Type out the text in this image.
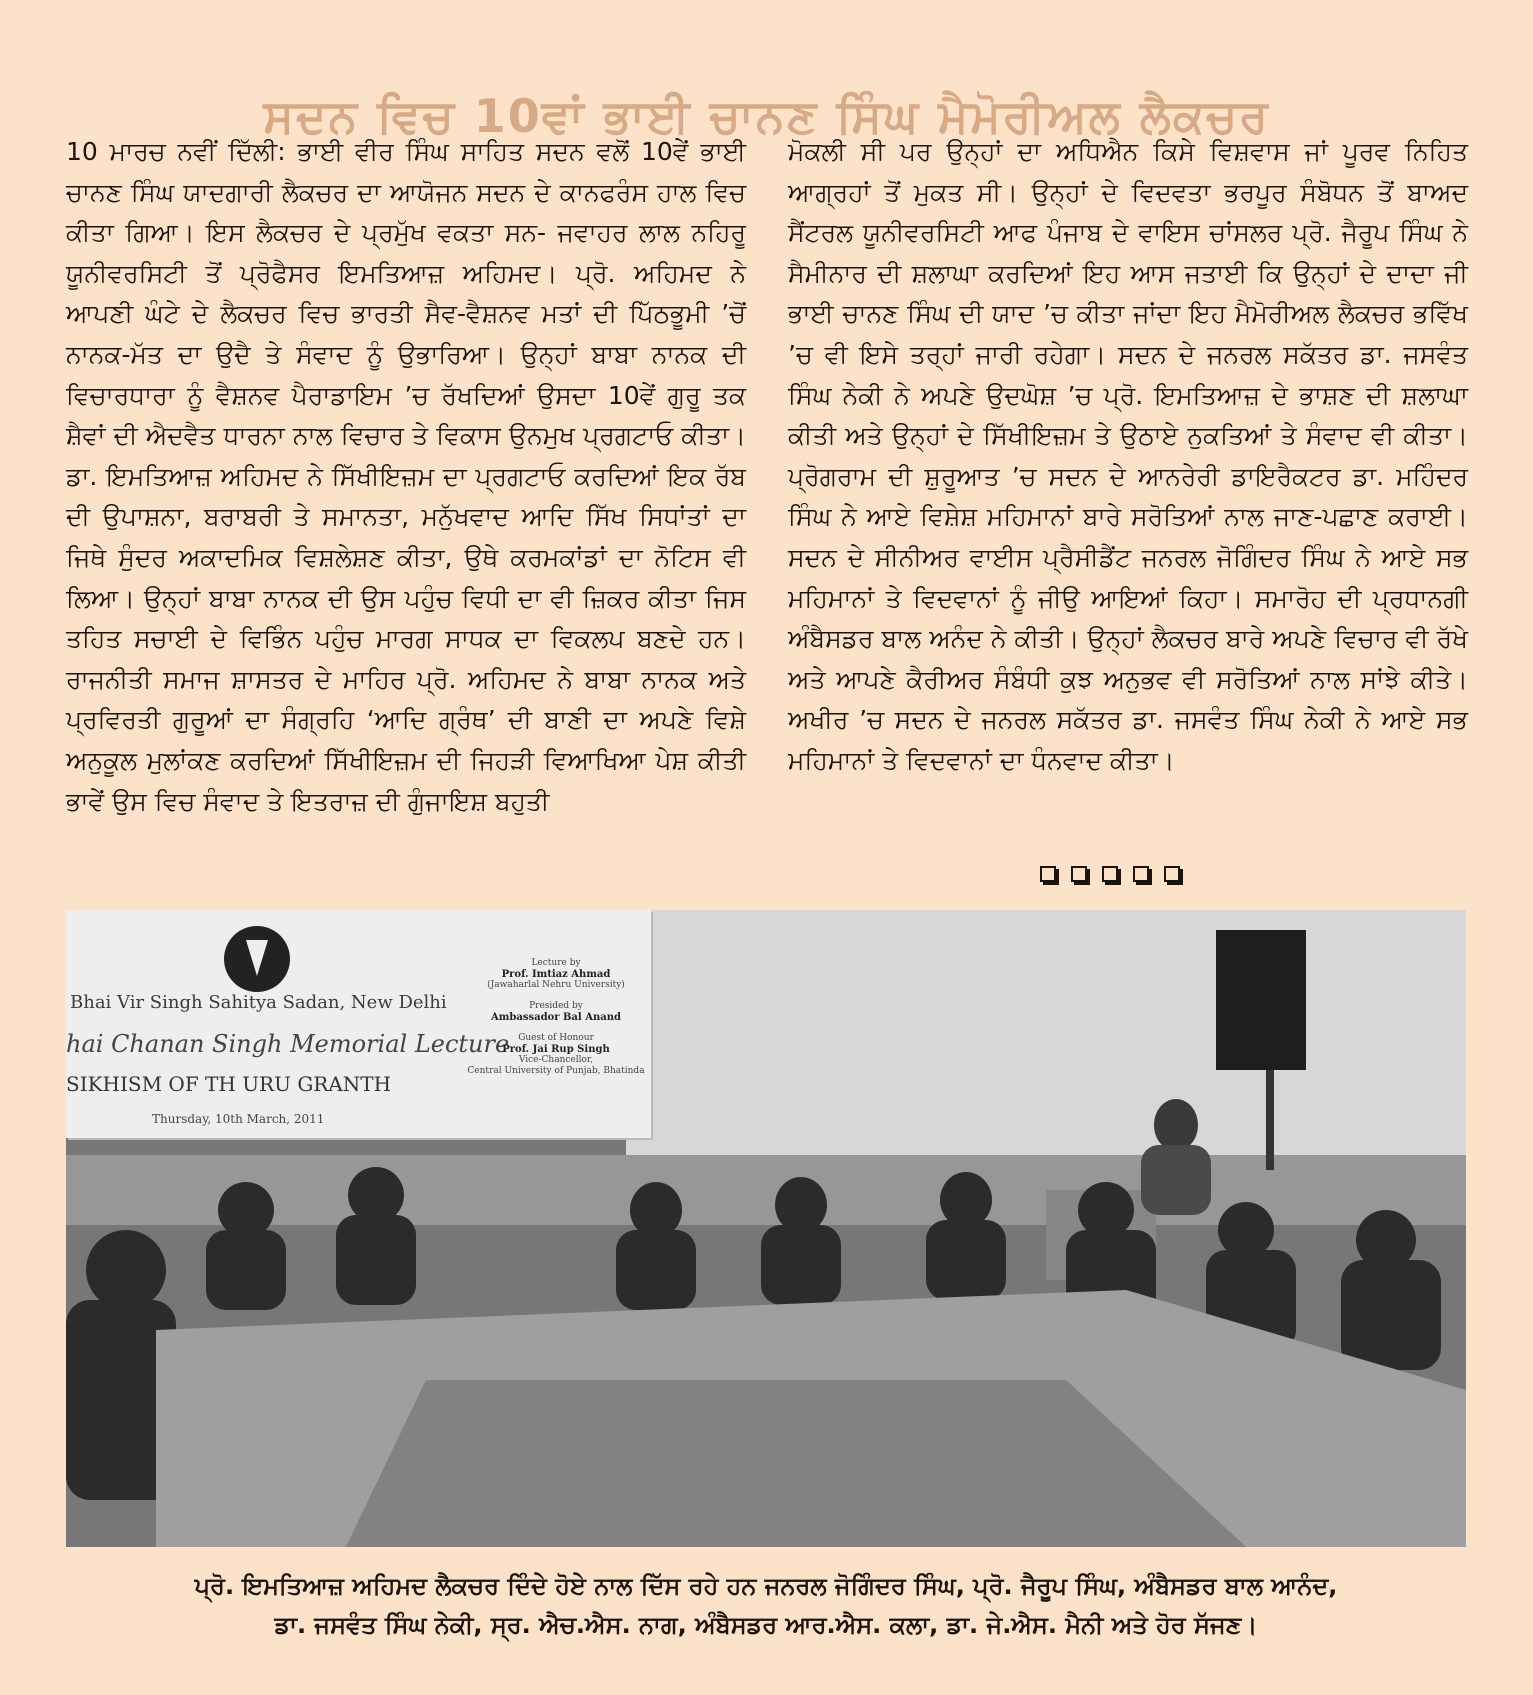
ਸਦਨ ਵਿਚ 10ਵਾਂ ਭਾਈ ਚਾਨਣ ਸਿੰਘ ਮੈਮੋਰੀਅਲ ਲੈਕਚਰ

10 ਮਾਰਚ ਨਵੀਂ ਦਿੱਲੀ: ਭਾਈ ਵੀਰ ਸਿੰਘ ਸਾਹਿਤ ਸਦਨ ਵਲੋਂ 10ਵੇਂ ਭਾਈ ਚਾਨਣ ਸਿੰਘ ਯਾਦਗਾਰੀ ਲੈਕਚਰ ਦਾ ਆਯੋਜਨ ਸਦਨ ਦੇ ਕਾਨਫਰੰਸ ਹਾਲ ਵਿਚ ਕੀਤਾ ਗਿਆ। ਇਸ ਲੈਕਚਰ ਦੇ ਪ੍ਰਮੁੱਖ ਵਕਤਾ ਸਨ- ਜਵਾਹਰ ਲਾਲ ਨਹਿਰੂ ਯੂਨੀਵਰਸਿਟੀ ਤੋਂ ਪ੍ਰੋਫੈਸਰ ਇਮਤਿਆਜ਼ ਅਹਿਮਦ। ਪ੍ਰੋ. ਅਹਿਮਦ ਨੇ ਆਪਣੀ ਘੰਟੇ ਦੇ ਲੈਕਚਰ ਵਿਚ ਭਾਰਤੀ ਸੈਵ-ਵੈਸ਼ਨਵ ਮਤਾਂ ਦੀ ਪਿੱਠਭੂਮੀ ’ਚੋਂ ਨਾਨਕ-ਮੱਤ ਦਾ ਉਦੈ ਤੇ ਸੰਵਾਦ ਨੂੰ ਉਭਾਰਿਆ। ਉਨ੍ਹਾਂ ਬਾਬਾ ਨਾਨਕ ਦੀ ਵਿਚਾਰਧਾਰਾ ਨੂੰ ਵੈਸ਼ਨਵ ਪੈਰਾਡਾਇਮ ’ਚ ਰੱਖਦਿਆਂ ਉਸਦਾ 10ਵੇਂ ਗੁਰੂ ਤਕ ਸ਼ੈਵਾਂ ਦੀ ਐਦਵੈਤ ਧਾਰਨਾ ਨਾਲ ਵਿਚਾਰ ਤੇ ਵਿਕਾਸ ਉਨਮੁਖ ਪ੍ਰਗਟਾਓ ਕੀਤਾ। ਡਾ. ਇਮਤਿਆਜ਼ ਅਹਿਮਦ ਨੇ ਸਿੱਖੀਇਜ਼ਮ ਦਾ ਪ੍ਰਗਟਾਓ ਕਰਦਿਆਂ ਇਕ ਰੱਬ ਦੀ ਉਪਾਸ਼ਨਾ, ਬਰਾਬਰੀ ਤੇ ਸਮਾਨਤਾ, ਮਨੁੱਖਵਾਦ ਆਦਿ ਸਿੱਖ ਸਿਧਾਂਤਾਂ ਦਾ ਜਿਥੇ ਸੁੰਦਰ ਅਕਾਦਮਿਕ ਵਿਸ਼ਲੇਸ਼ਣ ਕੀਤਾ, ਉਥੇ ਕਰਮਕਾਂਡਾਂ ਦਾ ਨੋਟਿਸ ਵੀ ਲਿਆ। ਉਨ੍ਹਾਂ ਬਾਬਾ ਨਾਨਕ ਦੀ ਉਸ ਪਹੁੰਚ ਵਿਧੀ ਦਾ ਵੀ ਜ਼ਿਕਰ ਕੀਤਾ ਜਿਸ ਤਹਿਤ ਸਚਾਈ ਦੇ ਵਿਭਿੰਨ ਪਹੁੰਚ ਮਾਰਗ ਸਾਧਕ ਦਾ ਵਿਕਲਪ ਬਣਦੇ ਹਨ। ਰਾਜਨੀਤੀ ਸਮਾਜ ਸ਼ਾਸਤਰ ਦੇ ਮਾਹਿਰ ਪ੍ਰੋ. ਅਹਿਮਦ ਨੇ ਬਾਬਾ ਨਾਨਕ ਅਤੇ ਪ੍ਰਵਿਰਤੀ ਗੁਰੂਆਂ ਦਾ ਸੰਗ੍ਰਹਿ ‘ਆਦਿ ਗ੍ਰੰਥ’ ਦੀ ਬਾਣੀ ਦਾ ਅਪਣੇ ਵਿਸ਼ੇ ਅਨੁਕੂਲ ਮੁਲਾਂਕਣ ਕਰਦਿਆਂ ਸਿੱਖੀਇਜ਼ਮ ਦੀ ਜਿਹੜੀ ਵਿਆਖਿਆ ਪੇਸ਼ ਕੀਤੀ ਭਾਵੇਂ ਉਸ ਵਿਚ ਸੰਵਾਦ ਤੇ ਇਤਰਾਜ਼ ਦੀ ਗੁੰਜਾਇਸ਼ ਬਹੁਤੀ

ਮੋਕਲੀ ਸੀ ਪਰ ਉਨ੍ਹਾਂ ਦਾ ਅਧਿਐਨ ਕਿਸੇ ਵਿਸ਼ਵਾਸ ਜਾਂ ਪੂਰਵ ਨਿਹਿਤ ਆਗ੍ਰਹਾਂ ਤੋਂ ਮੁਕਤ ਸੀ। ਉਨ੍ਹਾਂ ਦੇ ਵਿਦਵਤਾ ਭਰਪੂਰ ਸੰਬੋਧਨ ਤੋਂ ਬਾਅਦ ਸੈਂਟਰਲ ਯੂਨੀਵਰਸਿਟੀ ਆਫ ਪੰਜਾਬ ਦੇ ਵਾਇਸ ਚਾਂਸਲਰ ਪ੍ਰੋ. ਜੈਰੂਪ ਸਿੰਘ ਨੇ ਸੈਮੀਨਾਰ ਦੀ ਸ਼ਲਾਘਾ ਕਰਦਿਆਂ ਇਹ ਆਸ ਜਤਾਈ ਕਿ ਉਨ੍ਹਾਂ ਦੇ ਦਾਦਾ ਜੀ ਭਾਈ ਚਾਨਣ ਸਿੰਘ ਦੀ ਯਾਦ ’ਚ ਕੀਤਾ ਜਾਂਦਾ ਇਹ ਮੈਮੋਰੀਅਲ ਲੈਕਚਰ ਭਵਿੱਖ ’ਚ ਵੀ ਇਸੇ ਤਰ੍ਹਾਂ ਜਾਰੀ ਰਹੇਗਾ। ਸਦਨ ਦੇ ਜਨਰਲ ਸਕੱਤਰ ਡਾ. ਜਸਵੰਤ ਸਿੰਘ ਨੇਕੀ ਨੇ ਅਪਣੇ ਉਦਘੋਸ਼ ’ਚ ਪ੍ਰੋ. ਇਮਤਿਆਜ਼ ਦੇ ਭਾਸ਼ਣ ਦੀ ਸ਼ਲਾਘਾ ਕੀਤੀ ਅਤੇ ਉਨ੍ਹਾਂ ਦੇ ਸਿੱਖੀਇਜ਼ਮ ਤੇ ਉਠਾਏ ਨੁਕਤਿਆਂ ਤੇ ਸੰਵਾਦ ਵੀ ਕੀਤਾ। ਪ੍ਰੋਗਰਾਮ ਦੀ ਸ਼ੁਰੂਆਤ ’ਚ ਸਦਨ ਦੇ ਆਨਰੇਰੀ ਡਾਇਰੈਕਟਰ ਡਾ. ਮਹਿੰਦਰ ਸਿੰਘ ਨੇ ਆਏ ਵਿਸ਼ੇਸ਼ ਮਹਿਮਾਨਾਂ ਬਾਰੇ ਸਰੋਤਿਆਂ ਨਾਲ ਜਾਣ-ਪਛਾਣ ਕਰਾਈ। ਸਦਨ ਦੇ ਸੀਨੀਅਰ ਵਾਈਸ ਪ੍ਰੈਸੀਡੈਂਟ ਜਨਰਲ ਜੋਗਿੰਦਰ ਸਿੰਘ ਨੇ ਆਏ ਸਭ ਮਹਿਮਾਨਾਂ ਤੇ ਵਿਦਵਾਨਾਂ ਨੂੰ ਜੀਉ ਆਇਆਂ ਕਿਹਾ। ਸਮਾਰੋਹ ਦੀ ਪ੍ਰਧਾਨਗੀ ਅੰਬੈਸਡਰ ਬਾਲ ਅਨੰਦ ਨੇ ਕੀਤੀ। ਉਨ੍ਹਾਂ ਲੈਕਚਰ ਬਾਰੇ ਅਪਣੇ ਵਿਚਾਰ ਵੀ ਰੱਖੇ ਅਤੇ ਆਪਣੇ ਕੈਰੀਅਰ ਸੰਬੰਧੀ ਕੁਝ ਅਨੁਭਵ ਵੀ ਸਰੋਤਿਆਂ ਨਾਲ ਸਾਂਝੇ ਕੀਤੇ। ਅਖੀਰ ’ਚ ਸਦਨ ਦੇ ਜਨਰਲ ਸਕੱਤਰ ਡਾ. ਜਸਵੰਤ ਸਿੰਘ ਨੇਕੀ ਨੇ ਆਏ ਸਭ ਮਹਿਮਾਨਾਂ ਤੇ ਵਿਦਵਾਨਾਂ ਦਾ ਧੰਨਵਾਦ ਕੀਤਾ।

Bhai Vir Singh Sahitya Sadan, New Delhi
hai Chanan Singh Memorial Lecture
SIKHISM OF TH URU GRANTH
Thursday, 10th March, 2011
Lecture by
Prof. Imtiaz Ahmad
(Jawaharlal Nehru University)
Presided by
Ambassador Bal Anand
Guest of Honour
Prof. Jai Rup Singh
Vice-Chancellor,
Central University of Punjab, Bhatinda
ਪ੍ਰੋ. ਇਮਤਿਆਜ਼ ਅਹਿਮਦ ਲੈਕਚਰ ਦਿੰਦੇ ਹੋਏ ਨਾਲ ਦਿੱਸ ਰਹੇ ਹਨ ਜਨਰਲ ਜੋਗਿੰਦਰ ਸਿੰਘ, ਪ੍ਰੋ. ਜੈਰੂਪ ਸਿੰਘ, ਅੰਬੈਸਡਰ ਬਾਲ ਆਨੰਦ,
ਡਾ. ਜਸਵੰਤ ਸਿੰਘ ਨੇਕੀ, ਸ੍ਰ. ਐਚ.ਐਸ. ਨਾਗ, ਅੰਬੈਸਡਰ ਆਰ.ਐਸ. ਕਲਾ, ਡਾ. ਜੇ.ਐਸ. ਮੈਨੀ ਅਤੇ ਹੋਰ ਸੱਜਣ।
